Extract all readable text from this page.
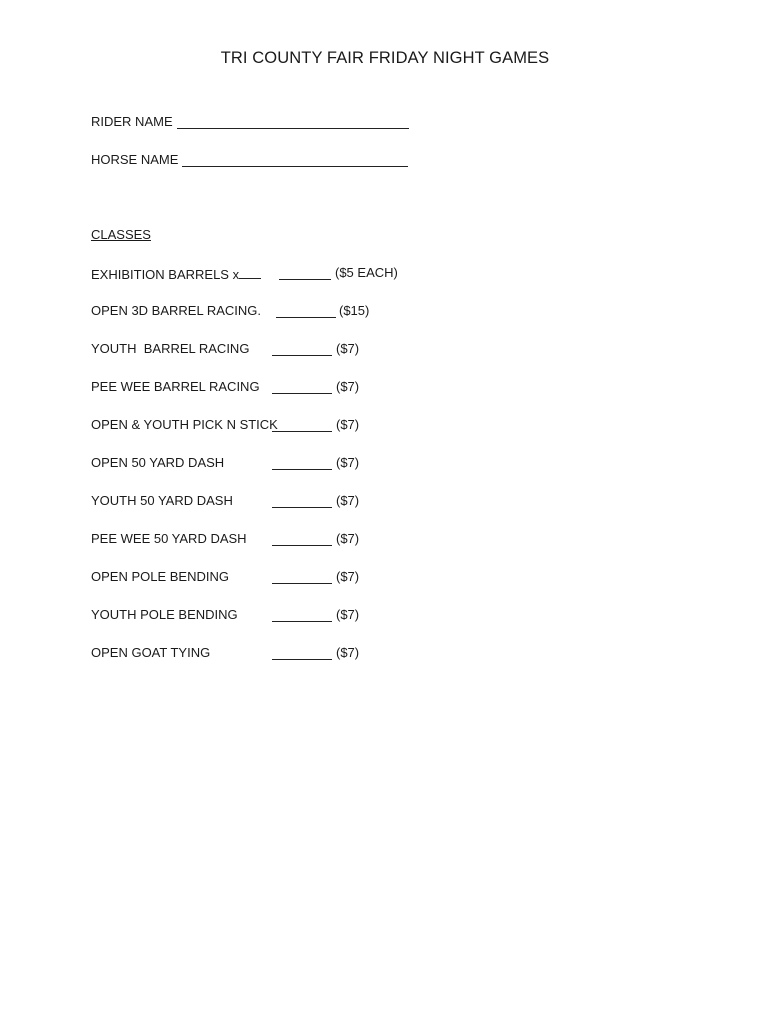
TRI COUNTY FAIR FRIDAY NIGHT GAMES
RIDER NAME
HORSE NAME
CLASSES
EXHIBITION BARRELS x	($5 EACH)
OPEN 3D BARREL RACING.	($15)
YOUTH  BARREL RACING	($7)
PEE WEE BARREL RACING	($7)
OPEN & YOUTH PICK N STICK	($7)
OPEN 50 YARD DASH	($7)
YOUTH 50 YARD DASH	($7)
PEE WEE 50 YARD DASH	($7)
OPEN POLE BENDING	($7)
YOUTH POLE BENDING	($7)
OPEN GOAT TYING	($7)
